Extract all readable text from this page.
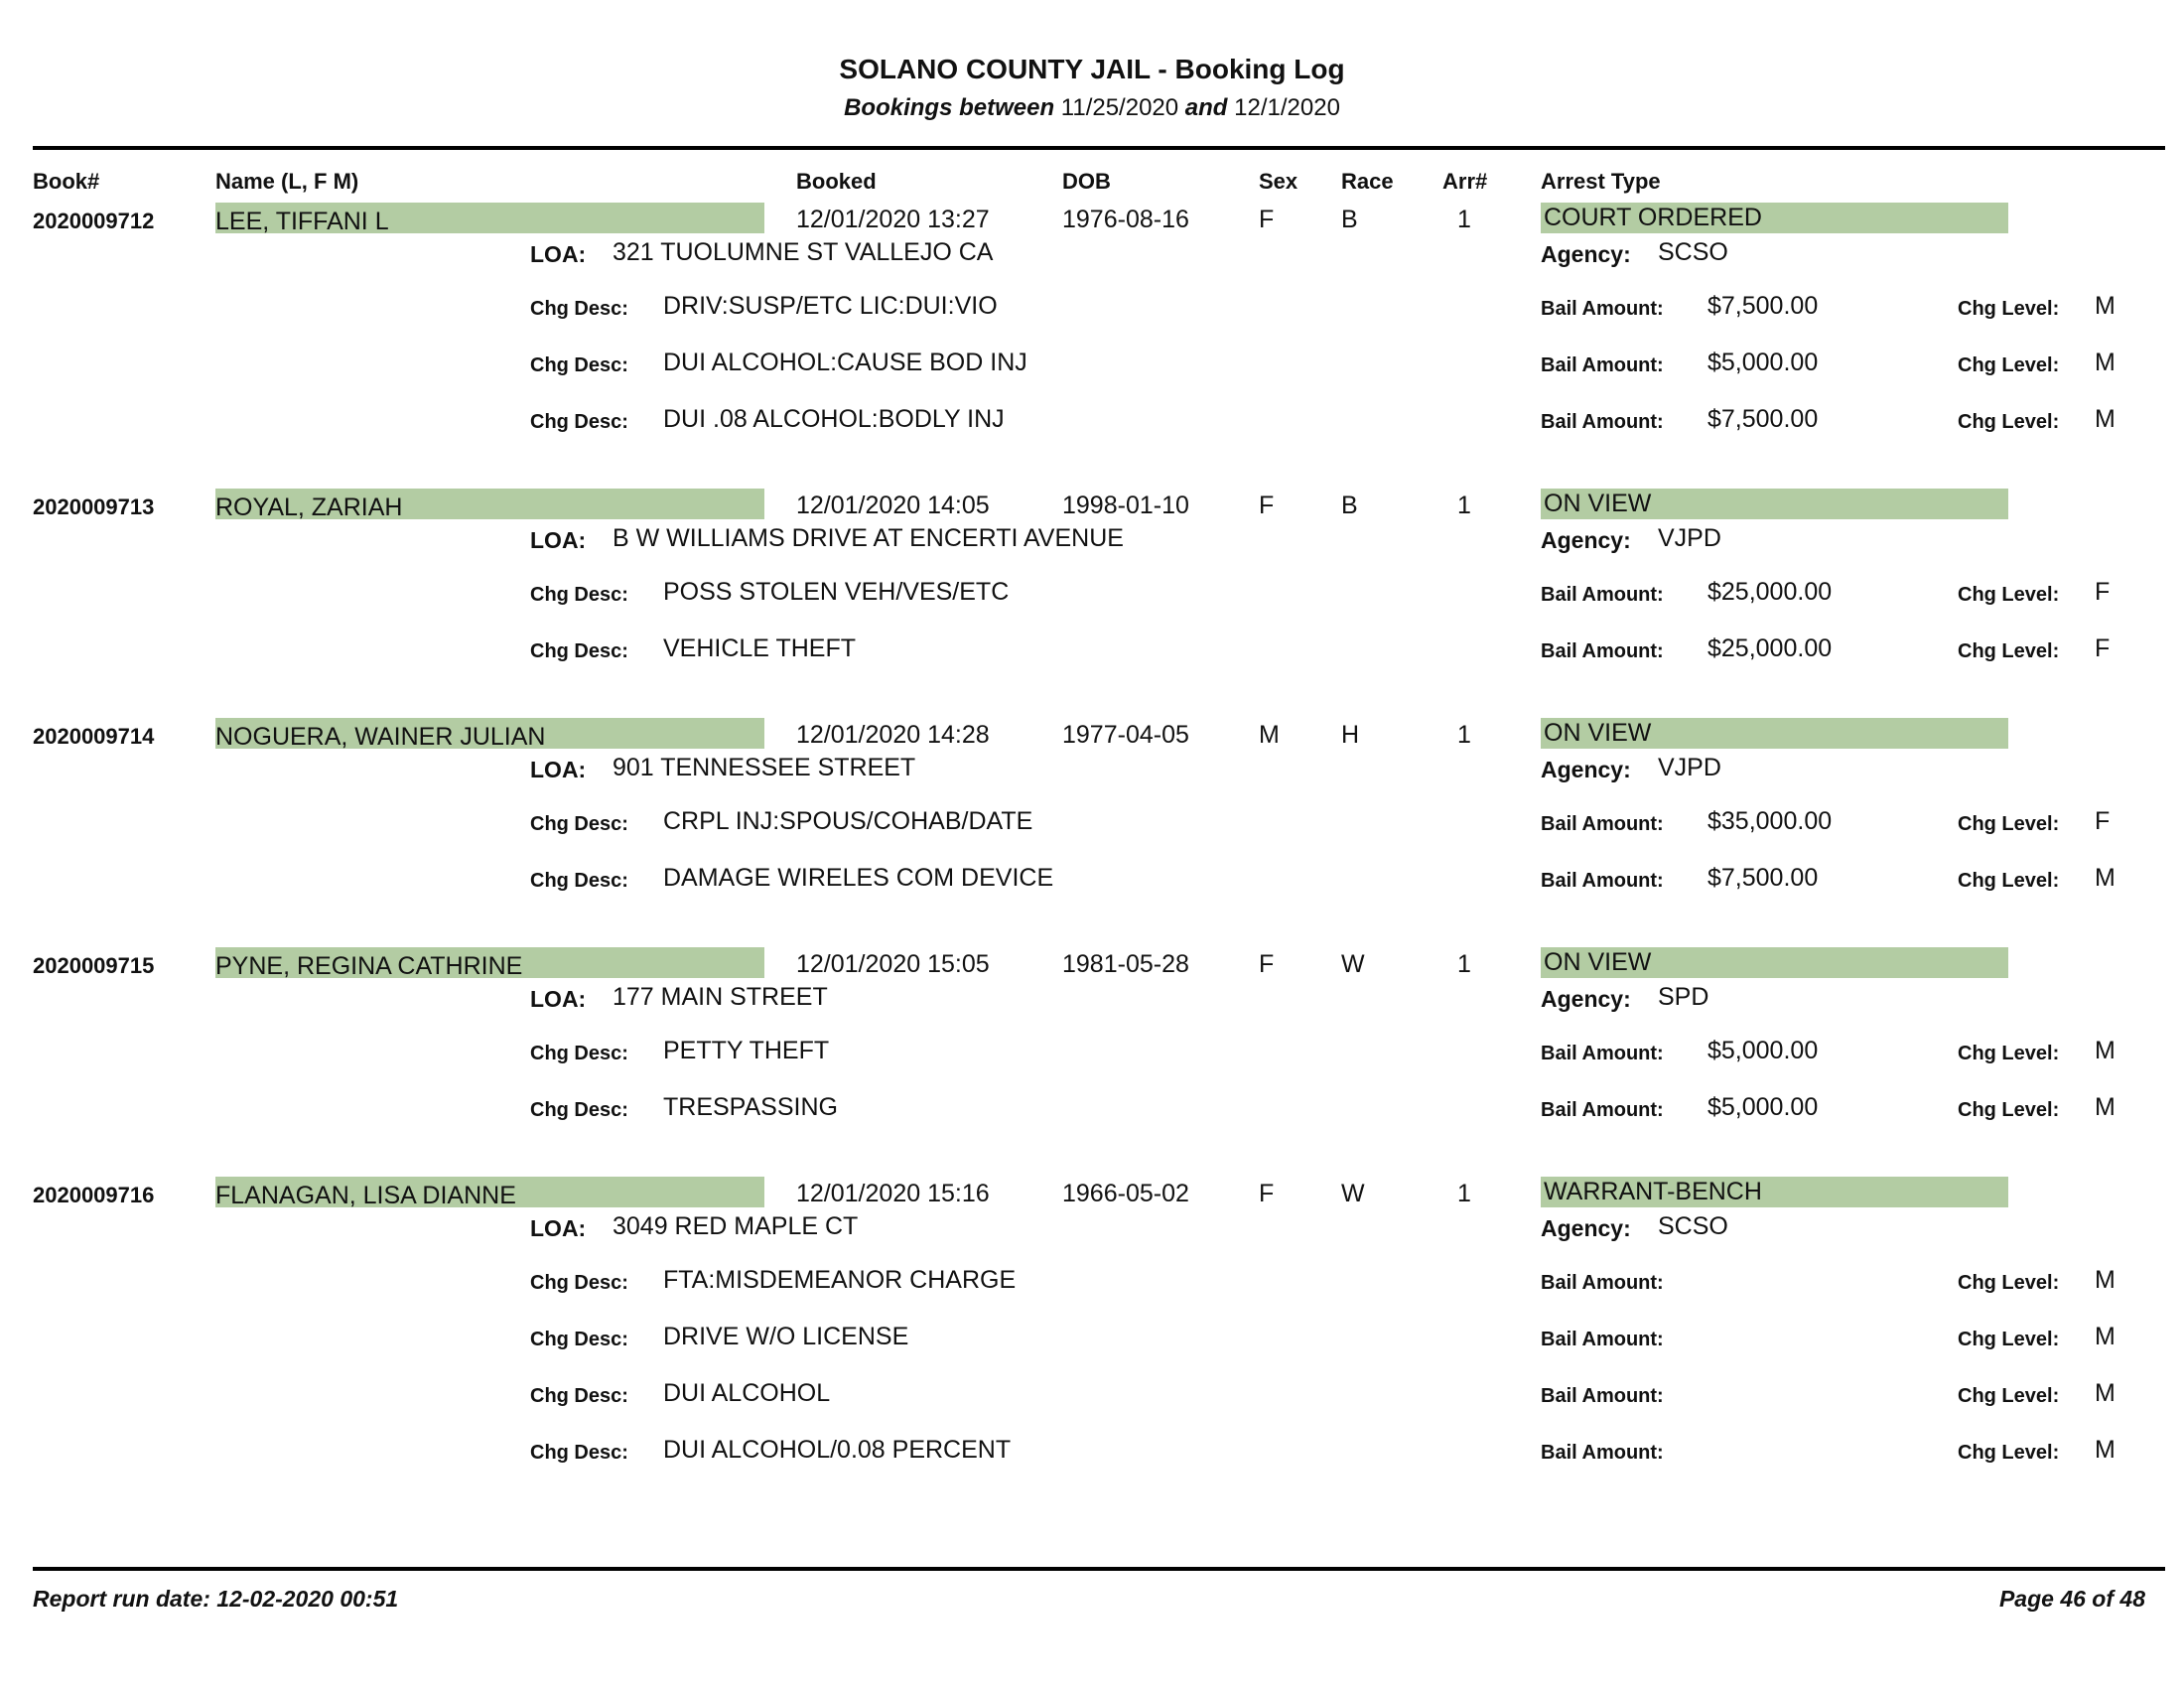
SOLANO COUNTY JAIL - Booking Log
Bookings between 11/25/2020 and 12/1/2020
Book#	Name (L, F M)	Booked	DOB	Sex Race Arr# Arrest Type
2020009712 LEE, TIFFANI L	12/01/2020 13:27	1976-08-16	F	B	1	COURT ORDERED
LOA: 321 TUOLUMNE ST VALLEJO CA	Agency: SCSO
Chg Desc: DRIV:SUSP/ETC LIC:DUI:VIO	Bail Amount: $7,500.00	Chg Level: M
Chg Desc: DUI ALCOHOL:CAUSE BOD INJ	Bail Amount: $5,000.00	Chg Level: M
Chg Desc: DUI .08 ALCOHOL:BODLY INJ	Bail Amount: $7,500.00	Chg Level: M
2020009713 ROYAL, ZARIAH	12/01/2020 14:05	1998-01-10	F	B	1	ON VIEW
LOA: B W WILLIAMS DRIVE AT ENCERTI AVENUE	Agency: VJPD
Chg Desc: POSS STOLEN VEH/VES/ETC	Bail Amount: $25,000.00	Chg Level: F
Chg Desc: VEHICLE THEFT	Bail Amount: $25,000.00	Chg Level: F
2020009714 NOGUERA, WAINER JULIAN	12/01/2020 14:28	1977-04-05	M H	1	ON VIEW
LOA: 901 TENNESSEE STREET	Agency: VJPD
Chg Desc: CRPL INJ:SPOUS/COHAB/DATE	Bail Amount: $35,000.00	Chg Level: F
Chg Desc: DAMAGE WIRELES COM DEVICE	Bail Amount: $7,500.00	Chg Level: M
2020009715 PYNE, REGINA CATHRINE	12/01/2020 15:05	1981-05-28	F	W	1	ON VIEW
LOA: 177 MAIN STREET	Agency: SPD
Chg Desc: PETTY THEFT	Bail Amount: $5,000.00	Chg Level: M
Chg Desc: TRESPASSING	Bail Amount: $5,000.00	Chg Level: M
2020009716 FLANAGAN, LISA DIANNE	12/01/2020 15:16	1966-05-02	F	W	1	WARRANT-BENCH
LOA: 3049 RED MAPLE CT	Agency: SCSO
Chg Desc: FTA:MISDEMEANOR CHARGE	Bail Amount:	Chg Level: M
Chg Desc: DRIVE W/O LICENSE	Bail Amount:	Chg Level: M
Chg Desc: DUI ALCOHOL	Bail Amount:	Chg Level: M
Chg Desc: DUI ALCOHOL/0.08 PERCENT	Bail Amount:	Chg Level: M
Report run date: 12-02-2020 00:51	Page 46 of 48
